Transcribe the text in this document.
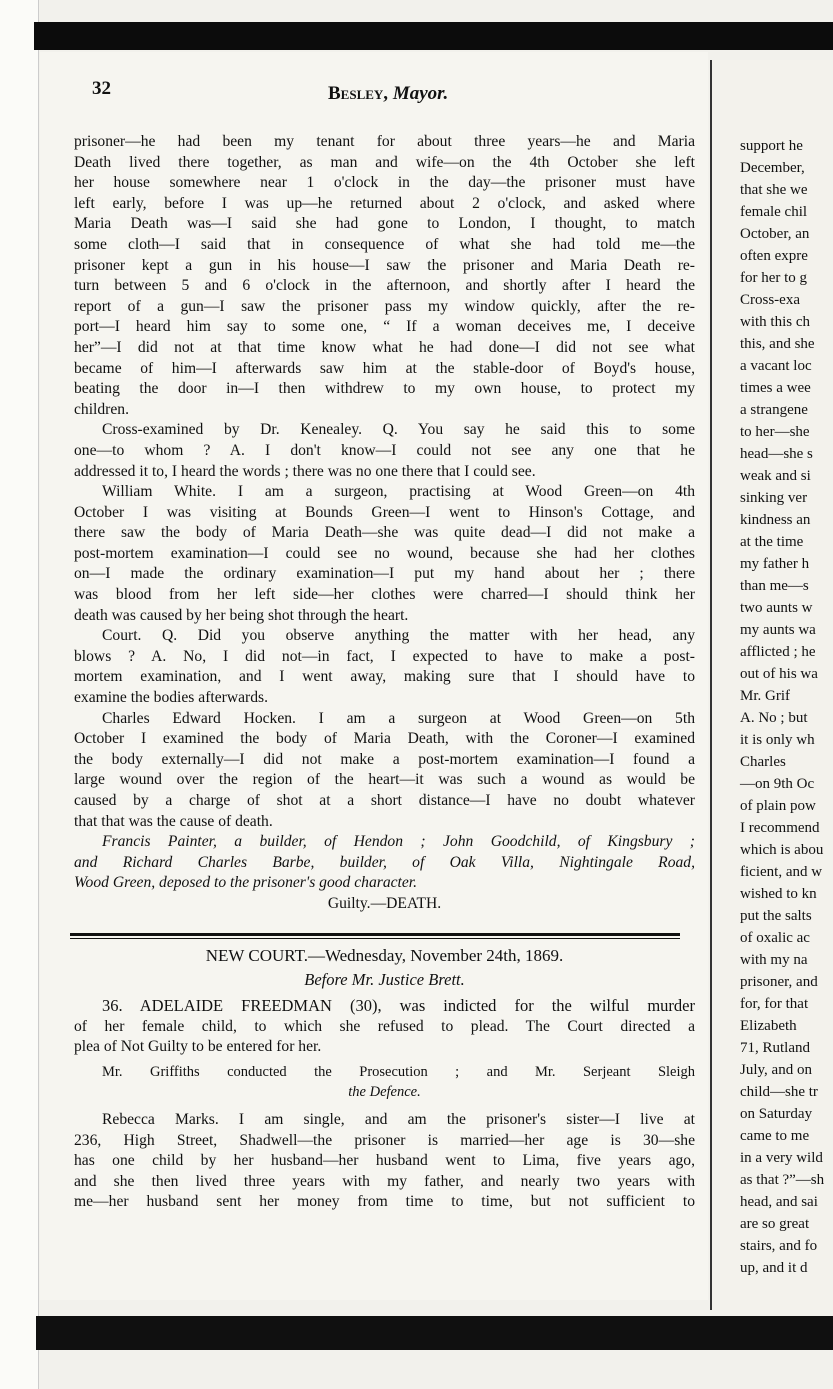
32	Besley, Mayor.
prisoner—he had been my tenant for about three years—he and Maria
Death lived there together, as man and wife—on the 4th October she left
her house somewhere near 1 o'clock in the day—the prisoner must have
left early, before I was up—he returned about 2 o'clock, and asked where
Maria Death was—I said she had gone to London, I thought, to match
some cloth—I said that in consequence of what she had told me—the
prisoner kept a gun in his house—I saw the prisoner and Maria Death re-
turn between 5 and 6 o'clock in the afternoon, and shortly after I heard the
report of a gun—I saw the prisoner pass my window quickly, after the re-
port—I heard him say to some one, “ If a woman deceives me, I deceive
her”—I did not at that time know what he had done—I did not see what
became of him—I afterwards saw him at the stable-door of Boyd's house,
beating the door in—I then withdrew to my own house, to protect my
children.
Cross-examined by Dr. Kenealey. Q. You say he said this to some
one—to whom ? A. I don't know—I could not see any one that he
addressed it to, I heard the words ; there was no one there that I could see.
William White. I am a surgeon, practising at Wood Green—on 4th
October I was visiting at Bounds Green—I went to Hinson's Cottage, and
there saw the body of Maria Death—she was quite dead—I did not make a
post-mortem examination—I could see no wound, because she had her clothes
on—I made the ordinary examination—I put my hand about her ; there
was blood from her left side—her clothes were charred—I should think her
death was caused by her being shot through the heart.
Court. Q. Did you observe anything the matter with her head, any
blows ? A. No, I did not—in fact, I expected to have to make a post-
mortem examination, and I went away, making sure that I should have to
examine the bodies afterwards.
Charles Edward Hocken. I am a surgeon at Wood Green—on 5th
October I examined the body of Maria Death, with the Coroner—I examined
the body externally—I did not make a post-mortem examination—I found a
large wound over the region of the heart—it was such a wound as would be
caused by a charge of shot at a short distance—I have no doubt whatever
that that was the cause of death.
Francis Painter, a builder, of Hendon ; John Goodchild, of Kingsbury ;
and Richard Charles Barbe, builder, of Oak Villa, Nightingale Road,
Wood Green, deposed to the prisoner's good character.
Guilty.—DEATH.
NEW COURT.—Wednesday, November 24th, 1869.
Before Mr. Justice Brett.
36. ADELAIDE FREEDMAN (30), was indicted for the wilful murder
of her female child, to which she refused to plead. The Court directed a
plea of Not Guilty to be entered for her.
Mr. Griffiths conducted the Prosecution ; and Mr. Serjeant Sleigh
the Defence.
Rebecca Marks. I am single, and am the prisoner's sister—I live at
236, High Street, Shadwell—the prisoner is married—her age is 30—she
has one child by her husband—her husband went to Lima, five years ago,
and she then lived three years with my father, and nearly two years with
me—her husband sent her money from time to time, but not sufficient to
support he
December,
that she we
female chil
October, an
often expre
for her to g
Cross-exa
with this ch
this, and she
a vacant loc
times a wee
a strangene
to her—she
head—she s
weak and si
sinking ver
kindness an
at the time
my father h
than me—s
two aunts w
my aunts wa
afflicted ; he
out of his wa
Mr. Grif
A. No ; but
it is only wh
Charles
—on 9th Oc
of plain pow
I recommend
which is abou
ficient, and w
wished to kn
put the salts
of oxalic ac
with my na
prisoner, and
for, for that
Elizabeth
71, Rutland
July, and on
child—she tr
on Saturday
came to me
in a very wild
as that ?”—sh
head, and sai
are so great
stairs, and fo
up, and it d
